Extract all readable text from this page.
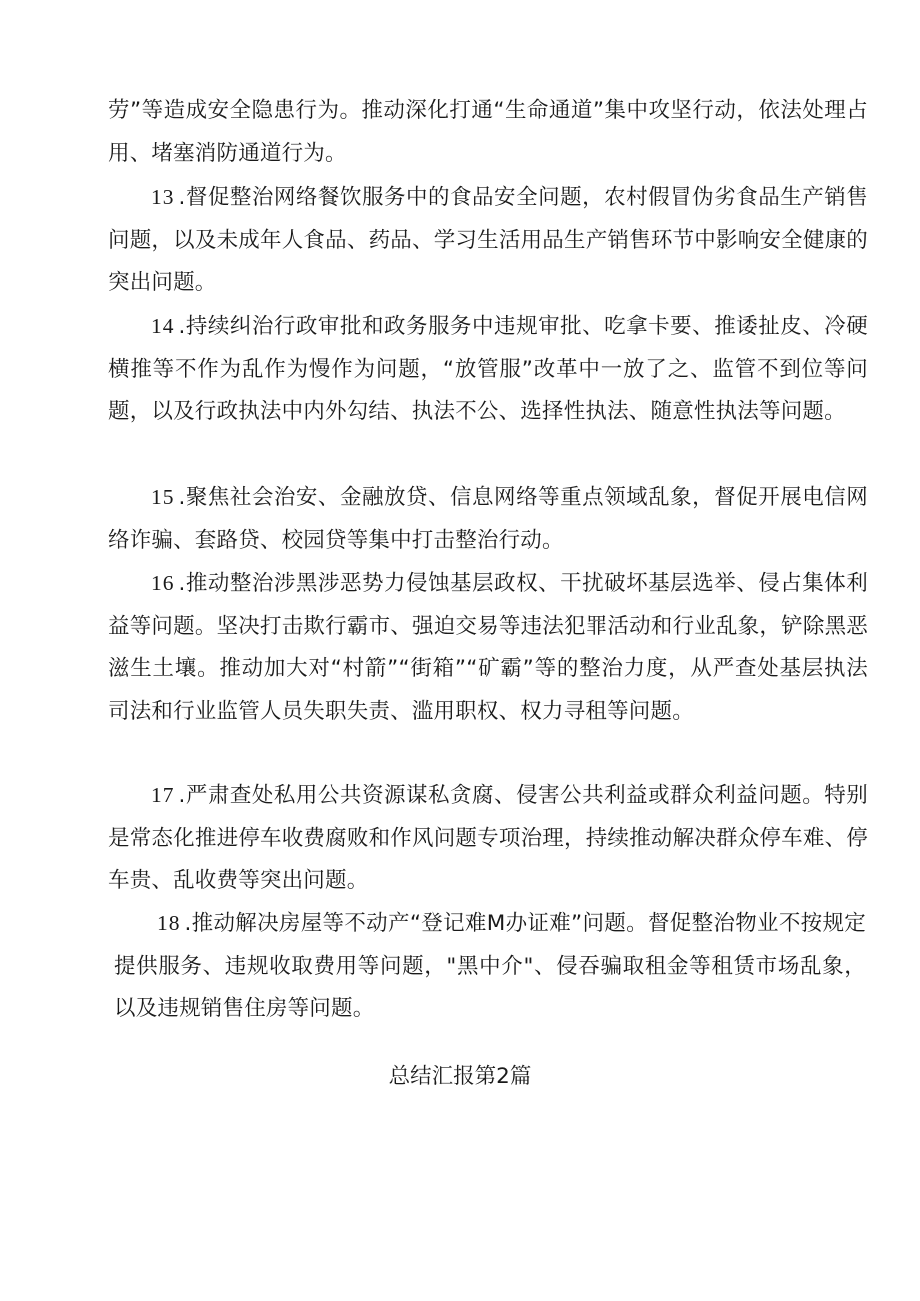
劳”等造成安全隐患行为。推动深化打通“生命通道”集中攻坚行动，依法处理占用、堵塞消防通道行为。

13 .督促整治网络餐饮服务中的食品安全问题，农村假冒伪劣食品生产销售问题，以及未成年人食品、药品、学习生活用品生产销售环节中影响安全健康的突出问题。

14 .持续纠治行政审批和政务服务中违规审批、吃拿卡要、推诿扯皮、冷硬横推等不作为乱作为慢作为问题，“放管服”改革中一放了之、监管不到位等问题，以及行政执法中内外勾结、执法不公、选择性执法、随意性执法等问题。

15 .聚焦社会治安、金融放贷、信息网络等重点领域乱象，督促开展电信网络诈骗、套路贷、校园贷等集中打击整治行动。

16 .推动整治涉黑涉恶势力侵蚀基层政权、干扰破坏基层选举、侵占集体利益等问题。坚决打击欺行霸市、强迫交易等违法犯罪活动和行业乱象，铲除黑恶滋生土壤。推动加大对“村箭”“街箱”“矿霸”等的整治力度，从严查处基层执法司法和行业监管人员失职失责、滥用职权、权力寻租等问题。

17 .严肃查处私用公共资源谋私贪腐、侵害公共利益或群众利益问题。特别是常态化推进停车收费腐败和作风问题专项治理，持续推动解决群众停车难、停车贵、乱收费等突出问题。

18 .推动解决房屋等不动产“登记难M办证难”问题。督促整治物业不按规定提供服务、违规收取费用等问题，"黑中介"、侵吞骗取租金等租赁市场乱象，以及违规销售住房等问题。

总结汇报第2篇
